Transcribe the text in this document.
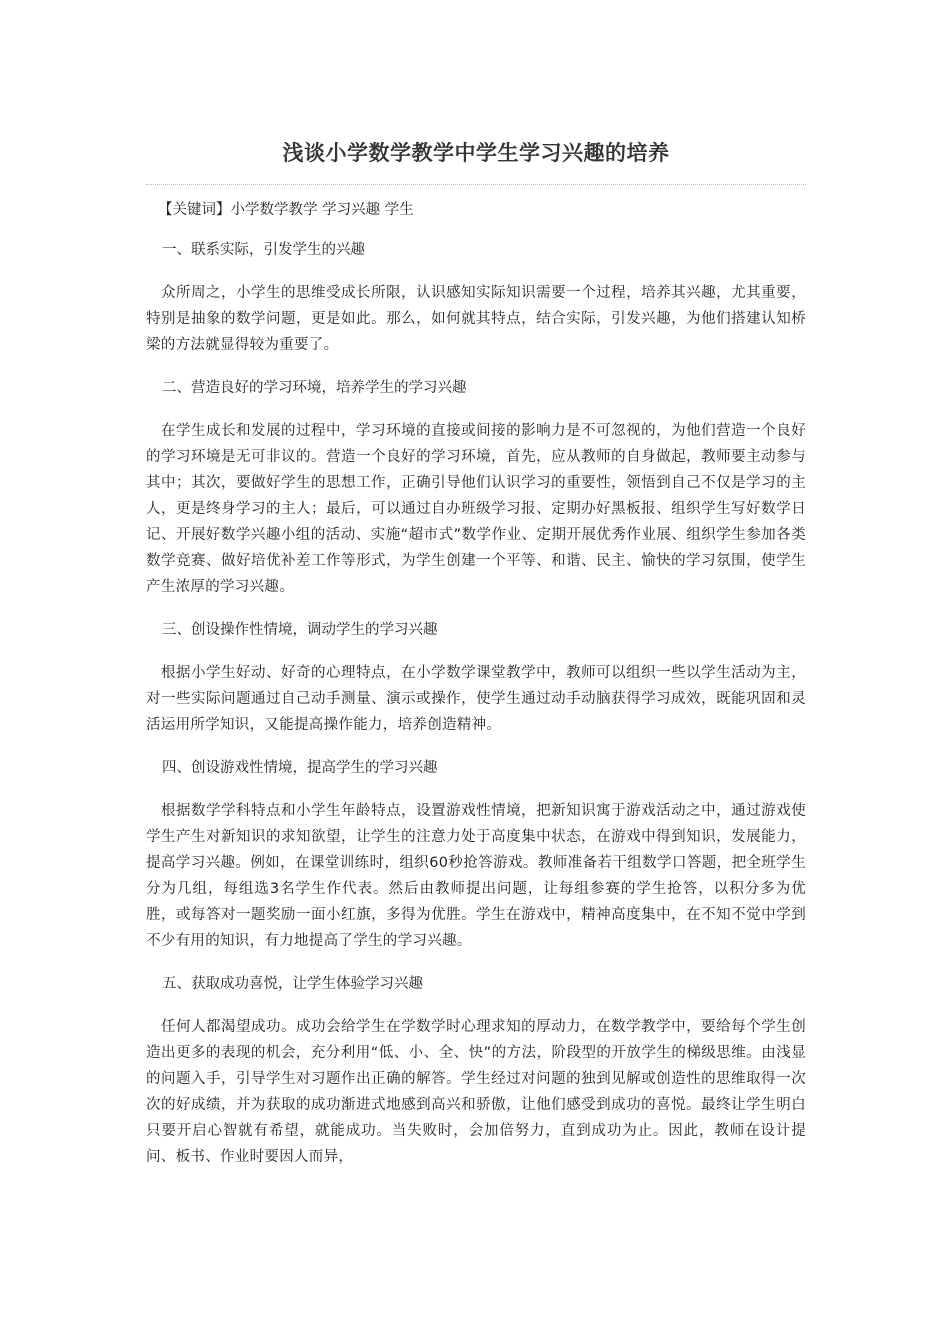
浅谈小学数学教学中学生学习兴趣的培养
【关键词】小学数学教学 学习兴趣 学生

一、联系实际，引发学生的兴趣

众所周之，小学生的思维受成长所限，认识感知实际知识需要一个过程，培养其兴趣，尤其重要，特别是抽象的数学问题，更是如此。那么，如何就其特点，结合实际，引发兴趣，为他们搭建认知桥梁的方法就显得较为重要了。

二、营造良好的学习环境，培养学生的学习兴趣

在学生成长和发展的过程中，学习环境的直接或间接的影响力是不可忽视的，为他们营造一个良好的学习环境是无可非议的。营造一个良好的学习环境，首先，应从教师的自身做起，教师要主动参与其中；其次，要做好学生的思想工作，正确引导他们认识学习的重要性，领悟到自己不仅是学习的主人，更是终身学习的主人；最后，可以通过自办班级学习报、定期办好黑板报、组织学生写好数学日记、开展好数学兴趣小组的活动、实施“超市式”数学作业、定期开展优秀作业展、组织学生参加各类数学竞赛、做好培优补差工作等形式，为学生创建一个平等、和谐、民主、愉快的学习氛围，使学生产生浓厚的学习兴趣。

三、创设操作性情境，调动学生的学习兴趣

根据小学生好动、好奇的心理特点，在小学数学课堂教学中，教师可以组织一些以学生活动为主，对一些实际问题通过自己动手测量、演示或操作，使学生通过动手动脑获得学习成效，既能巩固和灵活运用所学知识，又能提高操作能力，培养创造精神。

四、创设游戏性情境，提高学生的学习兴趣

根据数学学科特点和小学生年龄特点，设置游戏性情境，把新知识寓于游戏活动之中，通过游戏使学生产生对新知识的求知欲望，让学生的注意力处于高度集中状态，在游戏中得到知识，发展能力，提高学习兴趣。例如，在课堂训练时，组织60秒抢答游戏。教师准备若干组数学口答题，把全班学生分为几组，每组选3名学生作代表。然后由教师提出问题，让每组参赛的学生抢答，以积分多为优胜，或每答对一题奖励一面小红旗，多得为优胜。学生在游戏中，精神高度集中，在不知不觉中学到不少有用的知识，有力地提高了学生的学习兴趣。

五、获取成功喜悦，让学生体验学习兴趣

任何人都渴望成功。成功会给学生在学数学时心理求知的厚动力，在数学教学中，要给每个学生创造出更多的表现的机会，充分利用“低、小、全、快”的方法，阶段型的开放学生的梯级思维。由浅显的问题入手，引导学生对习题作出正确的解答。学生经过对问题的独到见解或创造性的思维取得一次次的好成绩，并为获取的成功渐进式地感到高兴和骄傲，让他们感受到成功的喜悦。最终让学生明白只要开启心智就有希望，就能成功。当失败时，会加倍努力，直到成功为止。因此，教师在设计提问、板书、作业时要因人而异，
